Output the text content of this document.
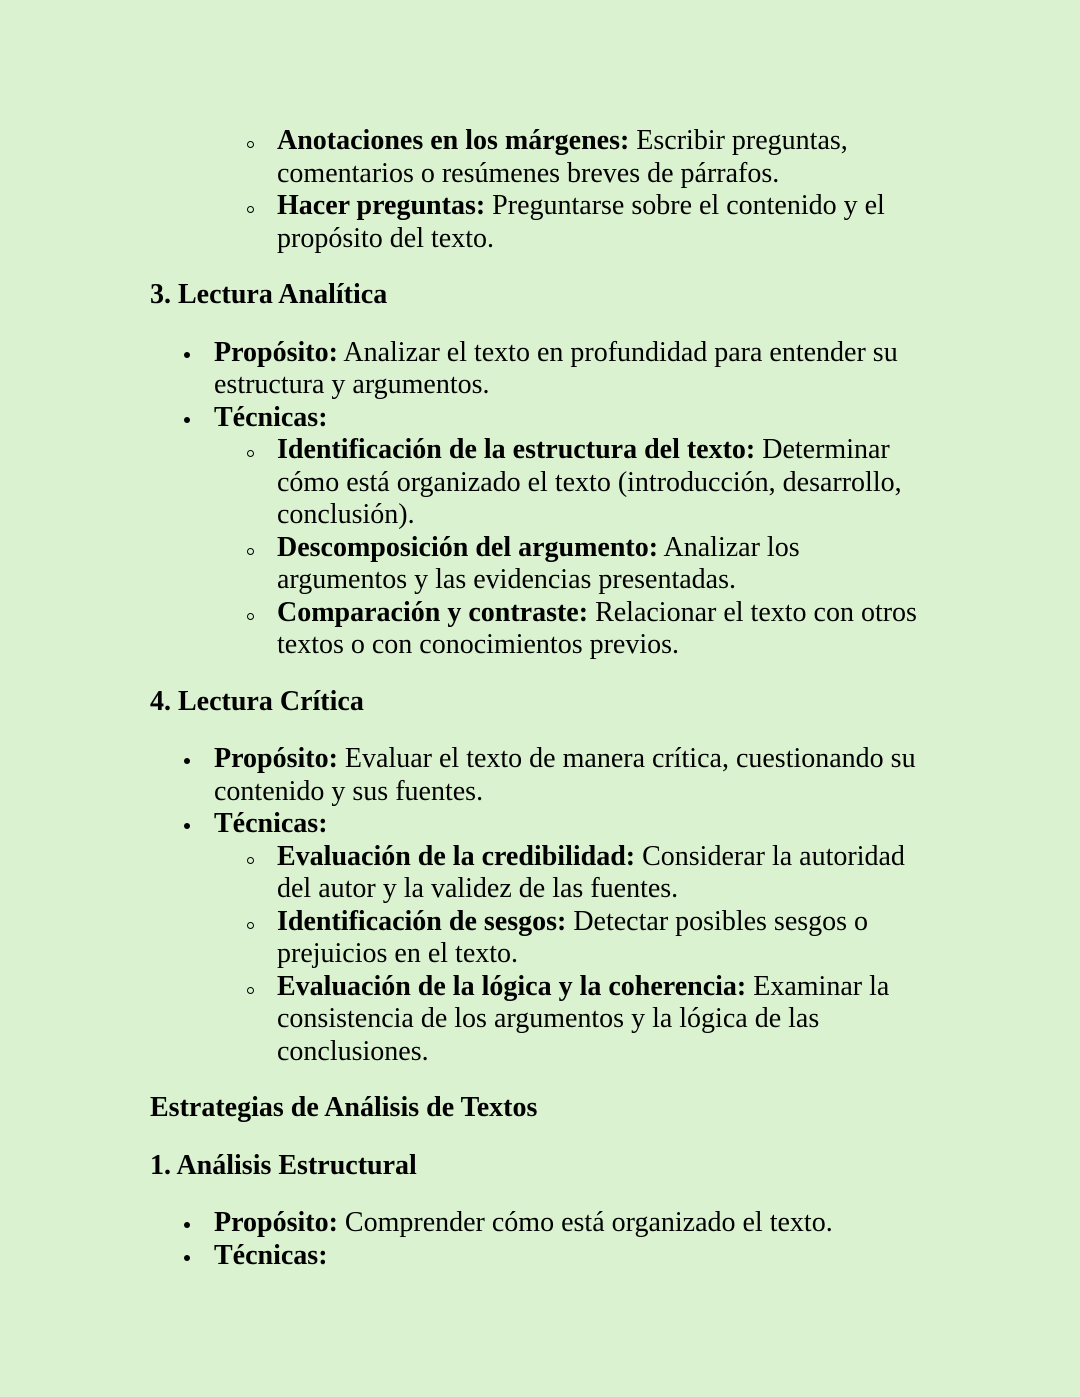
Anotaciones en los márgenes: Escribir preguntas, comentarios o resúmenes breves de párrafos.
Hacer preguntas: Preguntarse sobre el contenido y el propósito del texto.

3. Lectura Analítica

Propósito: Analizar el texto en profundidad para entender su estructura y argumentos.
Técnicas:
Identificación de la estructura del texto: Determinar cómo está organizado el texto (introducción, desarrollo, conclusión).
Descomposición del argumento: Analizar los argumentos y las evidencias presentadas.
Comparación y contraste: Relacionar el texto con otros textos o con conocimientos previos.

4. Lectura Crítica

Propósito: Evaluar el texto de manera crítica, cuestionando su contenido y sus fuentes.
Técnicas:
Evaluación de la credibilidad: Considerar la autoridad del autor y la validez de las fuentes.
Identificación de sesgos: Detectar posibles sesgos o prejuicios en el texto.
Evaluación de la lógica y la coherencia: Examinar la consistencia de los argumentos y la lógica de las conclusiones.

Estrategias de Análisis de Textos

1. Análisis Estructural

Propósito: Comprender cómo está organizado el texto.
Técnicas:
